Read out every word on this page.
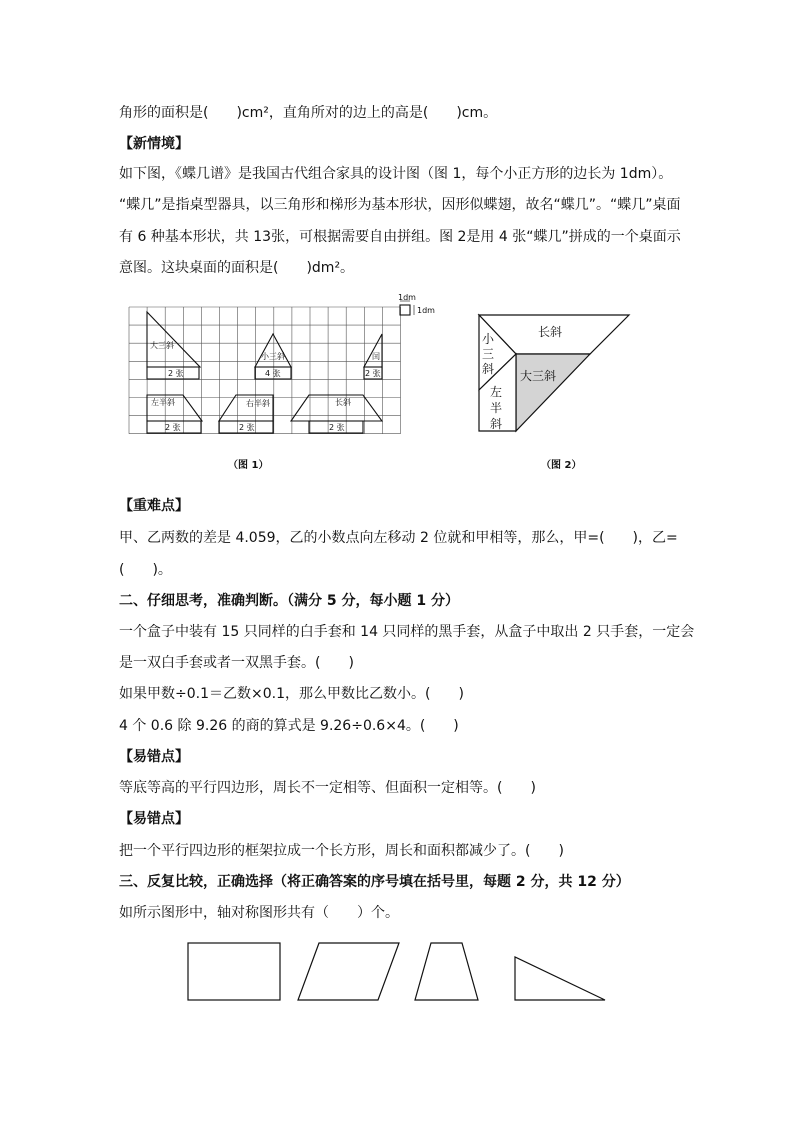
角形的面积是(　　)cm²，直角所对的边上的高是(　　)cm。
【新情境】
如下图，《蝶几谱》是我国古代组合家具的设计图（图 1，每个小正方形的边长为 1dm）。
“蝶几”是指桌型器具，以三角形和梯形为基本形状，因形似蝶翅，故名“蝶几”。“蝶几”桌面
有 6 种基本形状，共 13张，可根据需要自由拼组。图 2是用 4 张“蝶几”拼成的一个桌面示
意图。这块桌面的面积是(　　)dm²。
1dm
1dm
大三斜
2 张
小三斜
4 张
闰
2 张
左半斜
2 张
右半斜
2 张
长斜
2 张
（图 1）
长斜
小
三
斜 大三斜
左
半
斜
（图 2）
【重难点】
甲、乙两数的差是 4.059，乙的小数点向左移动 2 位就和甲相等，那么，甲=(　　)，乙=
(　　)。
二、仔细思考，准确判断。（满分 5 分，每小题 1 分）
一个盒子中装有 15 只同样的白手套和 14 只同样的黑手套，从盒子中取出 2 只手套，一定会
是一双白手套或者一双黑手套。(　　)
如果甲数÷0.1＝乙数×0.1，那么甲数比乙数小。(　　)
4 个 0.6 除 9.26 的商的算式是 9.26÷0.6×4。(　　)
【易错点】
等底等高的平行四边形，周长不一定相等、但面积一定相等。(　　)
【易错点】
把一个平行四边形的框架拉成一个长方形，周长和面积都减少了。(　　)
三、反复比较，正确选择（将正确答案的序号填在括号里，每题 2 分，共 12 分）
如所示图形中，轴对称图形共有（　　）个。
